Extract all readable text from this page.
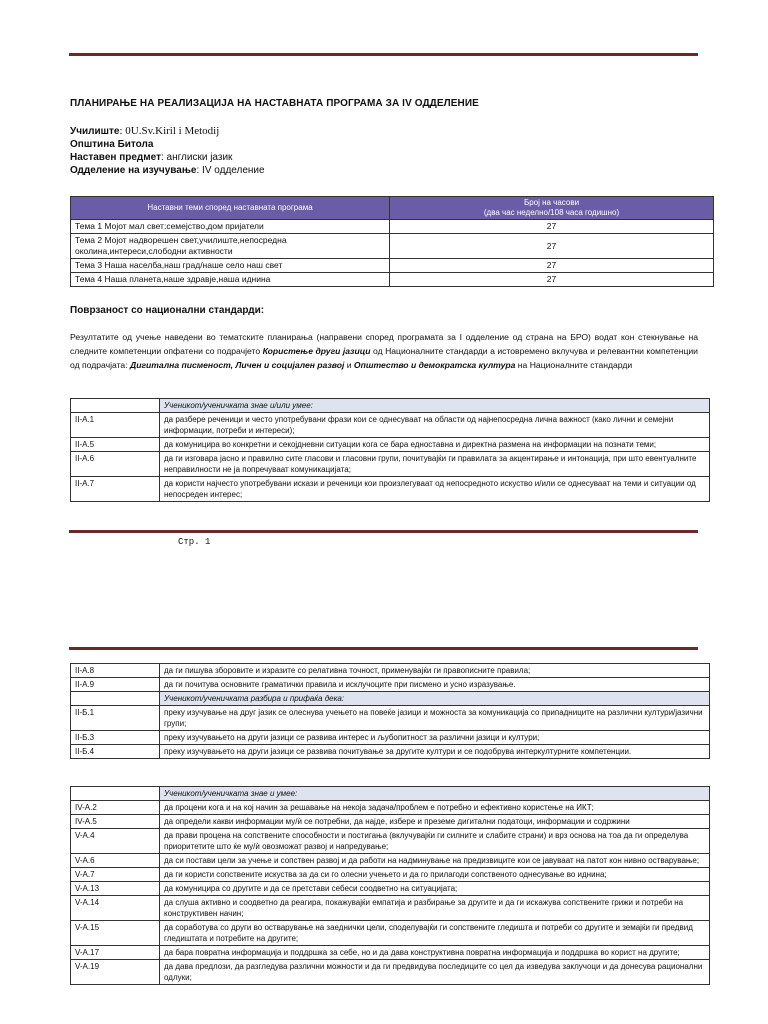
ПЛАНИРАЊЕ НА РЕАЛИЗАЦИЈА НА НАСТАВНАТА ПРОГРАМА ЗА IV ОДДЕЛЕНИЕ
Училиште: 0U.Sv.Kiril i Metodij
Општина Битола
Наставен предмет: англиски јазик
Одделение на изучување: IV одделение
Наставни теми според наставната програма	Број на часови
(два час неделно/108 часа годишно)

Тема 1 Мојот мал свет:семејство,дом пријатели	27
Тема 2 Мојот надворешен свет,училиште,непосредна околина,интереси,слободни активности	27
Тема 3 Наша населба,наш град/наше село наш свет	27
Тема 4 Наша планета,наше здравје,наша иднина	27
Поврзаност со национални стандарди:
Резултатите од учење наведени во тематските планирања (направени според програмата за I одделение од страна на БРО) водат кон стекнување на следните компетенции опфатени со подрачјето Користење други јазици од Националните стандарди а истовремено вклучува и релевантни компетенции од подрачјата: Дигитална писменост, Личен и социјален развој и Општество и демократска култура на Националните стандарди
	Ученикот/ученичката знае и/или умее:
II-A.1	да разбере реченици и често употребувани фрази кои се однесуваат на области од најнепосредна лична важност (како лични и семејни информации, потреби и интереси);
II-A.5	да комуницира во конкретни и секојдневни ситуации кога се бара едноставна и директна размена на информации на познати теми;
II-A.6	да ги изговара јасно и правилно сите гласови и гласовни групи, почитувајќи ги правилата за акцентирање и интонација, при што евентуалните неправилности не ја попречуваат комуникацијата;
II-A.7	да користи најчесто употребувани искази и реченици кои произлегуваат од непосредното искуство и/или се однесуваат на теми и ситуации од непосреден интерес;
Стр. 1
II-A.8	да ги пишува зборовите и изразите со релативна точност, применувајќи ги правописните правила;
II-A.9	да ги почитува основните граматички правила и исклучоците при писмено и усно изразување.
	Ученикот/ученичката разбира и прифаќа дека:
II-Б.1	преку изучување на друг јазик се олеснува учењето на повеќе јазици и можноста за комуникација со припадниците на различни култури/јазични групи;
II-Б.3	преку изучувањето на други јазици се развива интерес и љубопитност за различни јазици и култури;
II-Б.4	преку изучувањето на други јазици се развива почитување за другите култури и се подобрува интеркултурните компетенции.
	Ученикот/ученичката знае и умее:
IV-A.2	да процени кога и на кој начин за решавање на некоја задача/проблем е потребно и ефективно користење на ИКТ;
IV-A.5	да определи какви информации му/ѝ се потребни, да најде, избере и преземе дигитални податоци, информации и содржини
V-A.4	да прави процена на сопствените способности и постигања (вклучувајќи ги силните и слабите страни) и врз основа на тоа да ги определува приоритетите што ќе му/ѝ овозможат развој и напредување;
V-A.6	да си постави цели за учење и сопствен развој и да работи на надминување на предизвиците кои се јавуваат на патот кон нивно остварување;
V-A.7	да ги користи сопствените искуства за да си го олесни учењето и да го прилагоди сопственото однесување во иднина;
V-A.13	да комуницира со другите и да се претстави себеси соодветно на ситуацијата;
V-A.14	да слуша активно и соодветно да реагира, покажувајќи емпатија и разбирање за другите и да ги искажува сопствените грижи и потреби на конструктивен начин;
V-A.15	да соработува со други во остварување на заеднички цели, споделувајќи ги сопствените гледишта и потреби со другите и земајќи ги предвид гледиштата и потребите на другите;
V-A.17	да бара повратна информација и поддршка за себе, но и да дава конструктивна повратна информација и поддршка во корист на другите;
V-A.19	да дава предлози, да разгледува различни можности и да ги предвидува последиците со цел да изведува заклучоци и да донесува рационални одлуки;
